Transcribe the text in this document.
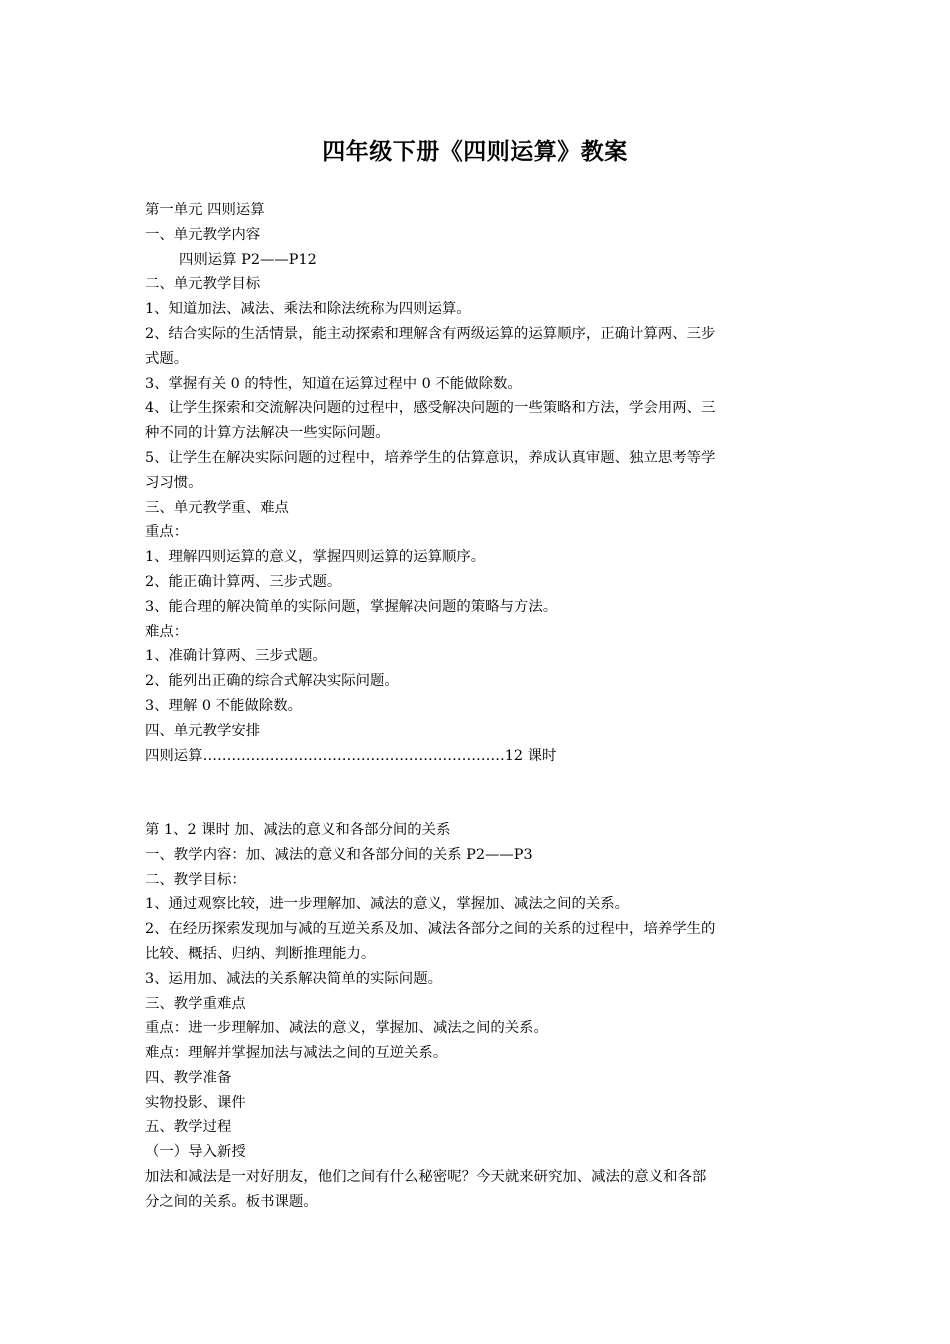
四年级下册《四则运算》教案

第一单元 四则运算

一、单元教学内容

四则运算 P2——P12

二、单元教学目标

1、知道加法、减法、乘法和除法统称为四则运算。

2、结合实际的生活情景，能主动探索和理解含有两级运算的运算顺序，正确计算两、三步

式题。

3、掌握有关 0 的特性，知道在运算过程中 0 不能做除数。

4、让学生探索和交流解决问题的过程中，感受解决问题的一些策略和方法，学会用两、三

种不同的计算方法解决一些实际问题。

5、让学生在解决实际问题的过程中，培养学生的估算意识，养成认真审题、独立思考等学

习习惯。

三、单元教学重、难点

重点：

1、理解四则运算的意义，掌握四则运算的运算顺序。

2、能正确计算两、三步式题。

3、能合理的解决简单的实际问题，掌握解决问题的策略与方法。

难点：

1、准确计算两、三步式题。

2、能列出正确的综合式解决实际问题。

3、理解 0 不能做除数。

四、单元教学安排

四则运算………………………………………………………12 课时

第 1、2 课时 加、减法的意义和各部分间的关系

一、教学内容：加、减法的意义和各部分间的关系 P2——P3

二、教学目标：

1、通过观察比较，进一步理解加、减法的意义，掌握加、减法之间的关系。

2、在经历探索发现加与减的互逆关系及加、减法各部分之间的关系的过程中，培养学生的

比较、概括、归纳、判断推理能力。

3、运用加、减法的关系解决简单的实际问题。

三、教学重难点

重点：进一步理解加、减法的意义，掌握加、减法之间的关系。

难点：理解并掌握加法与减法之间的互逆关系。

四、教学准备

实物投影、课件

五、教学过程

（一）导入新授

加法和减法是一对好朋友，他们之间有什么秘密呢？今天就来研究加、减法的意义和各部

分之间的关系。板书课题。
